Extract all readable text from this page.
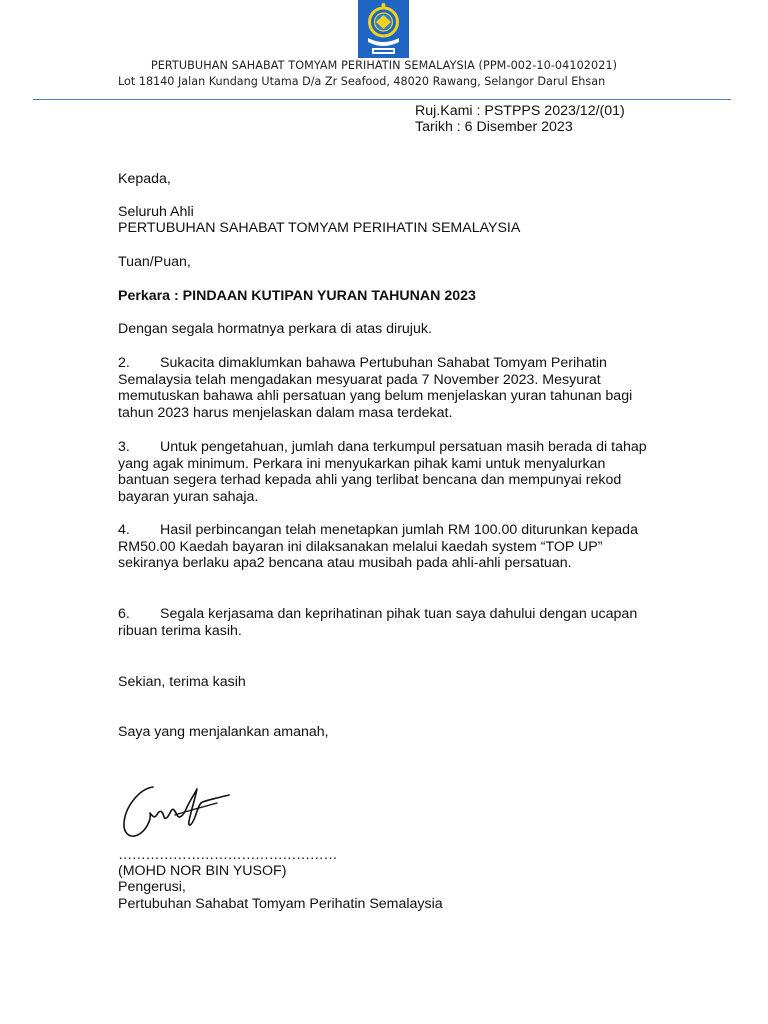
PERTUBUHAN SAHABAT TOMYAM PERIHATIN SEMALAYSIA (PPM-002-10-04102021)
Lot 18140 Jalan Kundang Utama D/a Zr Seafood, 48020 Rawang, Selangor Darul Ehsan
Ruj.Kami : PSTPPS 2023/12/(01)
Tarikh : 6 Disember 2023
Kepada,
Seluruh Ahli
PERTUBUHAN SAHABAT TOMYAM PERIHATIN SEMALAYSIA
Tuan/Puan,
Perkara : PINDAAN KUTIPAN YURAN TAHUNAN 2023
Dengan segala hormatnya perkara di atas dirujuk.
2. Sukacita dimaklumkan bahawa Pertubuhan Sahabat Tomyam Perihatin
Semalaysia telah mengadakan mesyuarat pada 7 November 2023. Mesyurat
memutuskan bahawa ahli persatuan yang belum menjelaskan yuran tahunan bagi
tahun 2023 harus menjelaskan dalam masa terdekat.
3. Untuk pengetahuan, jumlah dana terkumpul persatuan masih berada di tahap
yang agak minimum. Perkara ini menyukarkan pihak kami untuk menyalurkan
bantuan segera terhad kepada ahli yang terlibat bencana dan mempunyai rekod
bayaran yuran sahaja.
4. Hasil perbincangan telah menetapkan jumlah RM 100.00 diturunkan kepada
RM50.00 Kaedah bayaran ini dilaksanakan melalui kaedah system “TOP UP”
sekiranya berlaku apa2 bencana atau musibah pada ahli-ahli persatuan.
6. Segala kerjasama dan keprihatinan pihak tuan saya dahului dengan ucapan
ribuan terima kasih.
Sekian, terima kasih
Saya yang menjalankan amanah,
…………………………………………
(MOHD NOR BIN YUSOF)
Pengerusi,
Pertubuhan Sahabat Tomyam Perihatin Semalaysia
